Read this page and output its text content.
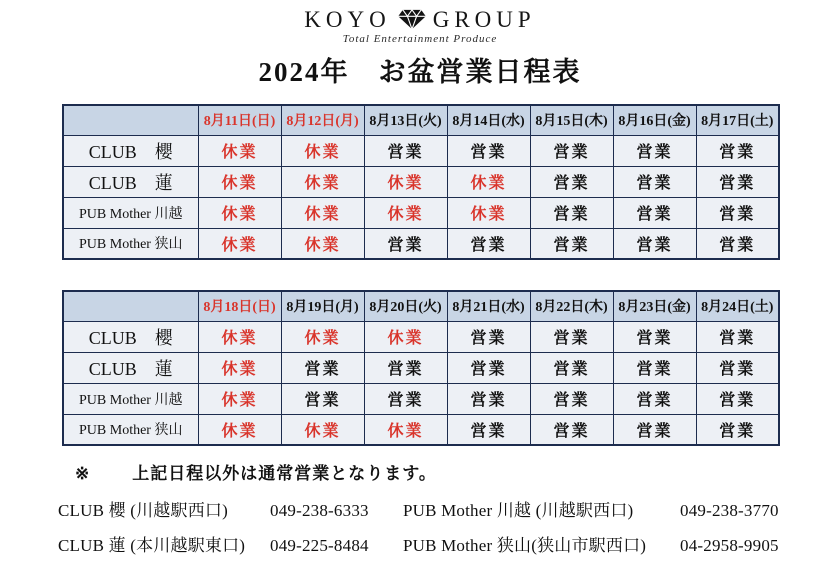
KOYO GROUP
Total Entertainment Produce
2024年　お盆営業日程表
	8月11日(日)	8月12日(月)	8月13日(火)	8月14日(水)	8月15日(木)	8月16日(金)	8月17日(土)
CLUB　櫻	休業	休業	営業	営業	営業	営業	営業
CLUB　蓮	休業	休業	休業	休業	営業	営業	営業
PUB Mother 川越	休業	休業	休業	休業	営業	営業	営業
PUB Mother 狭山	休業	休業	営業	営業	営業	営業	営業
	8月18日(日)	8月19日(月)	8月20日(火)	8月21日(水)	8月22日(木)	8月23日(金)	8月24日(土)
CLUB　櫻	休業	休業	休業	営業	営業	営業	営業
CLUB　蓮	休業	営業	営業	営業	営業	営業	営業
PUB Mother 川越	休業	営業	営業	営業	営業	営業	営業
PUB Mother 狭山	休業	休業	休業	営業	営業	営業	営業
※ 上記日程以外は通常営業となります。
CLUB 櫻 (川越駅西口)	049-238-6333	PUB Mother 川越 (川越駅西口)	049-238-3770
CLUB 蓮 (本川越駅東口)	049-225-8484	PUB Mother 狭山(狭山市駅西口)	04-2958-9905
